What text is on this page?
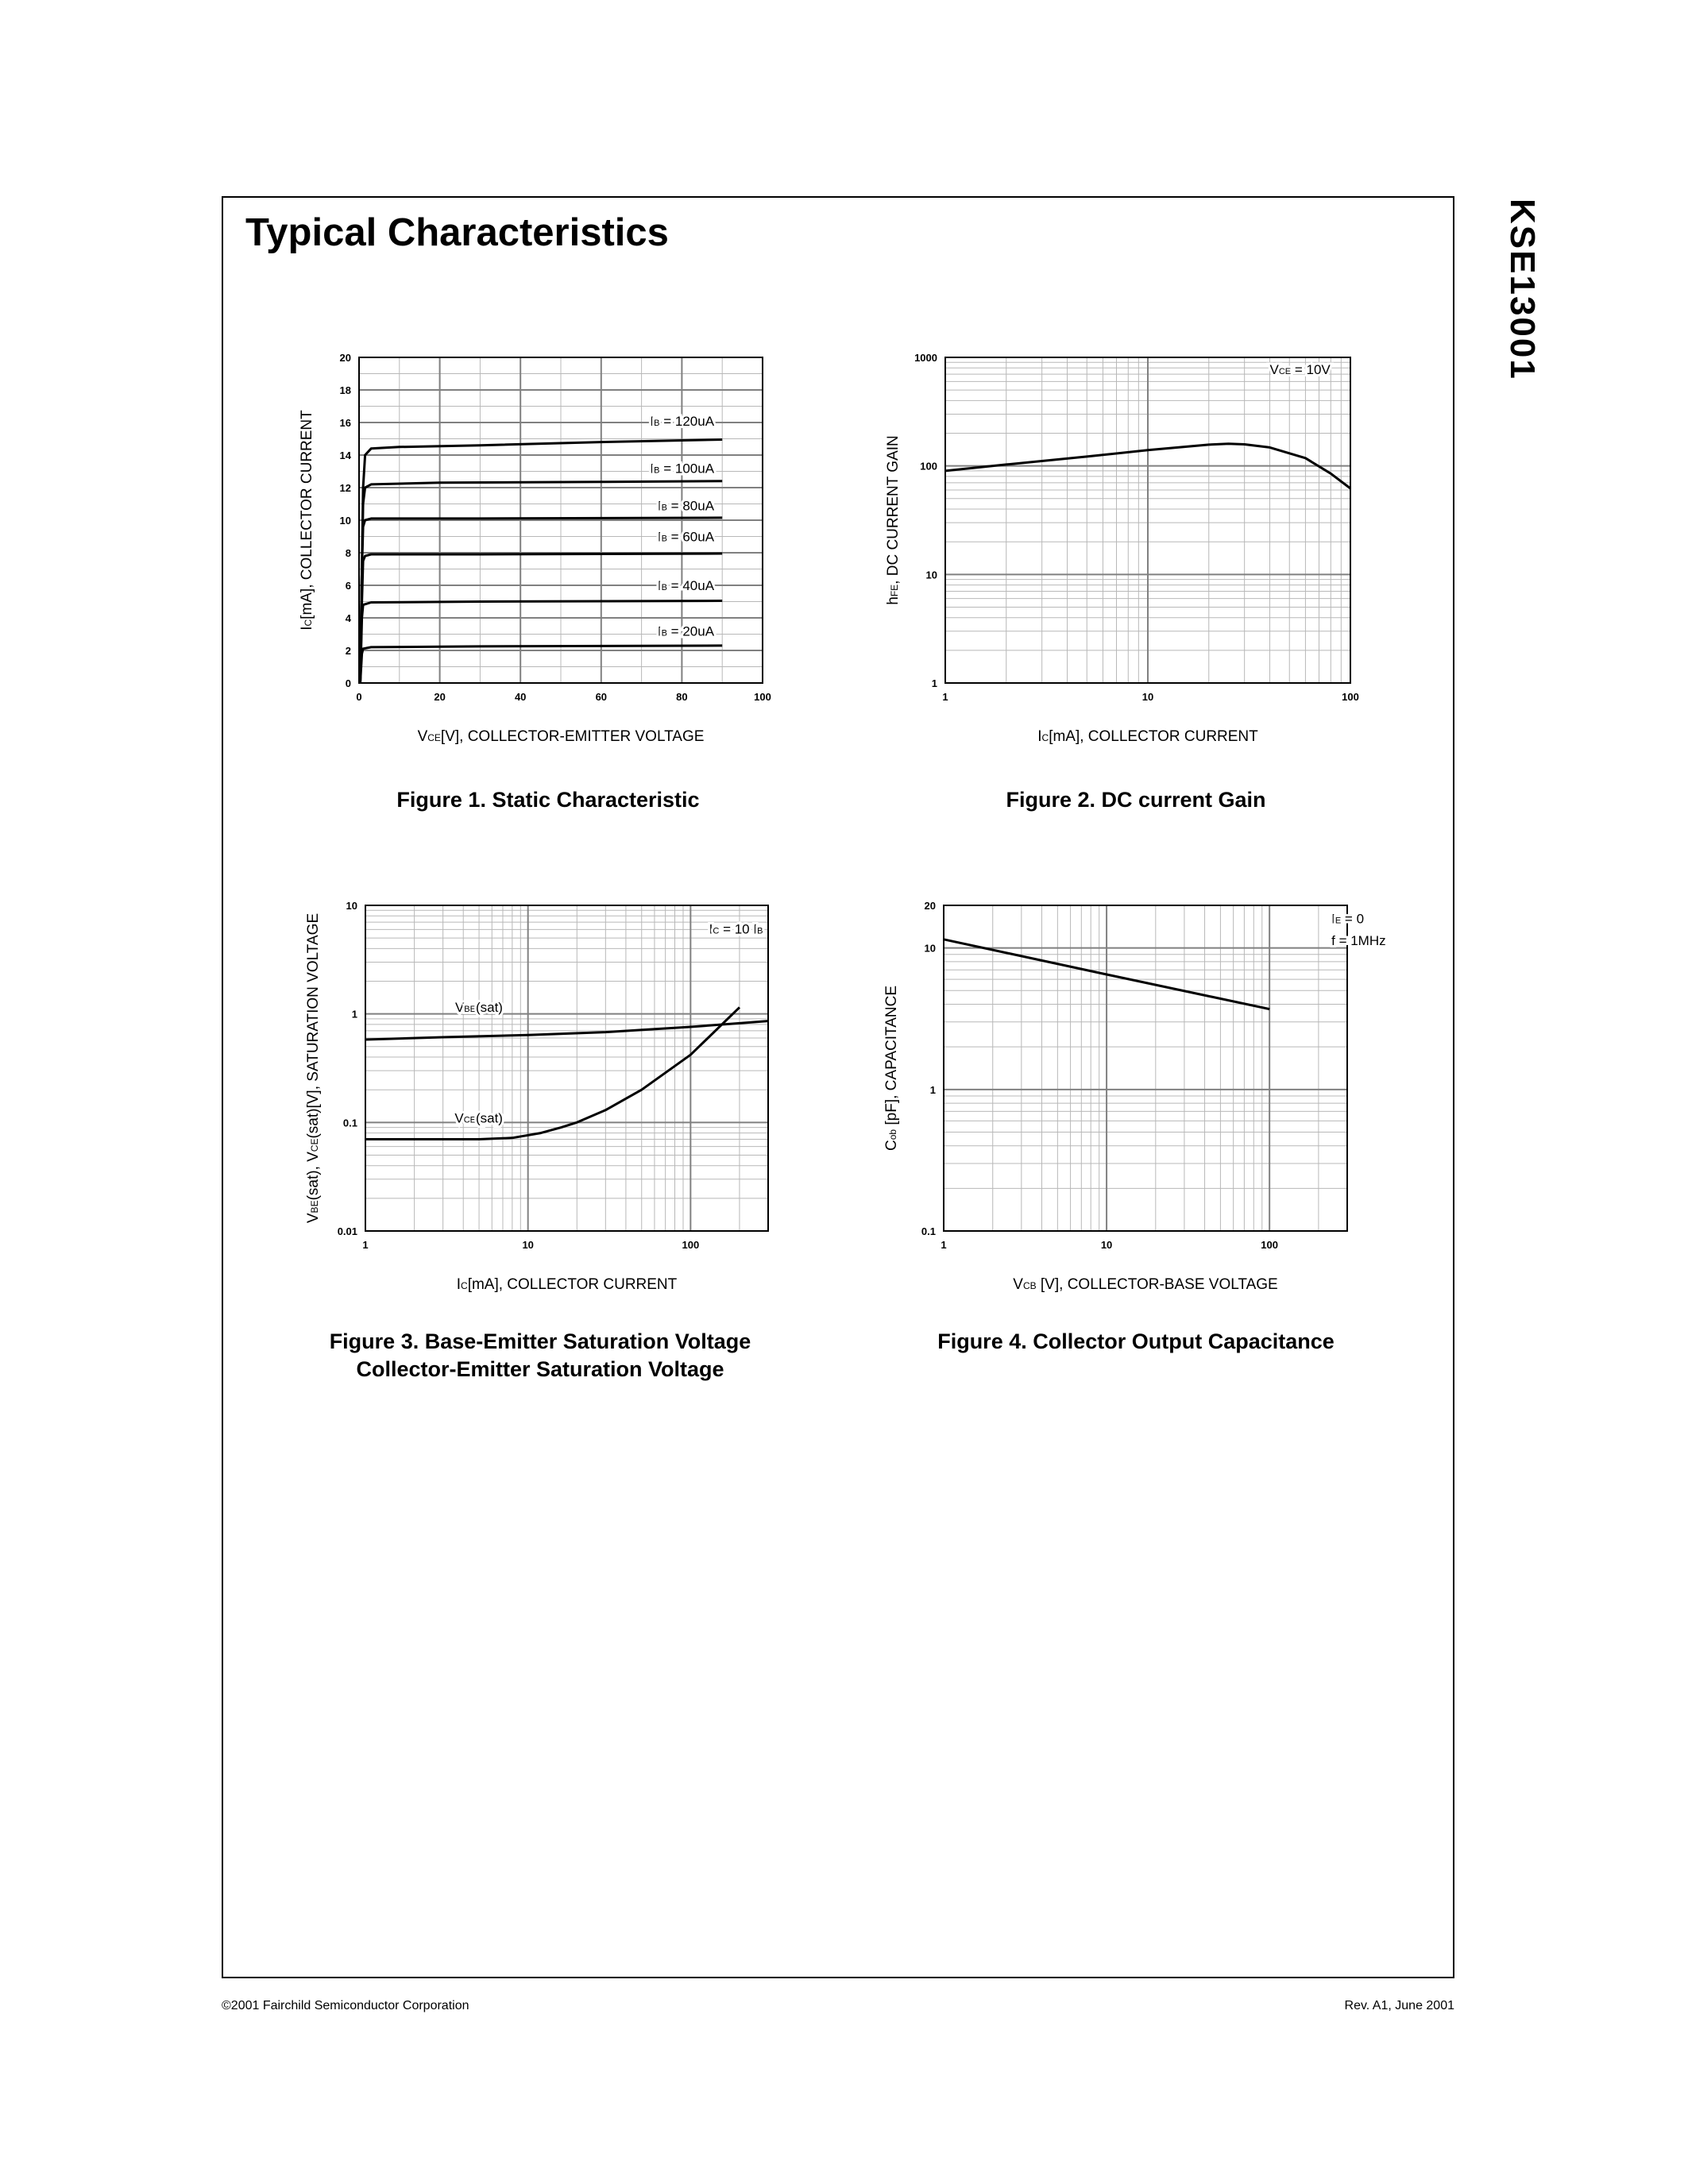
Typical Characteristics	KSE13001
0	20	40	60	80	100
0
2
4
6
8
10
12
14
16
18
20
IB = 120uA
IB = 100uA
IB = 80uA
IB = 60uA
IB = 40uA
IB = 20uA
VCE[V], COLLECTOR-EMITTER VOLTAGE
IC[mA], COLLECTOR CURRENT
1	10	100
1
10
100
1000
VCE = 10V
IC[mA], COLLECTOR CURRENT
hFE, DC CURRENT GAIN
1	10	100
0.01
0.1
1
10
VBE(sat)
VCE(sat)
IC = 10 IB
IC[mA], COLLECTOR CURRENT
VBE(sat), VCE(sat)[V], SATURATION VOLTAGE
1	10	100
0.1
1
10
20
IE = 0
f = 1MHz
VCB [V], COLLECTOR-BASE VOLTAGE
Cob [pF], CAPACITANCE
Figure 1. Static Characteristic	Figure 2. DC current Gain
Figure 3. Base-Emitter Saturation Voltage
Collector-Emitter Saturation Voltage
Figure 4. Collector Output Capacitance
©2001 Fairchild Semiconductor Corporation	Rev. A1, June 2001
